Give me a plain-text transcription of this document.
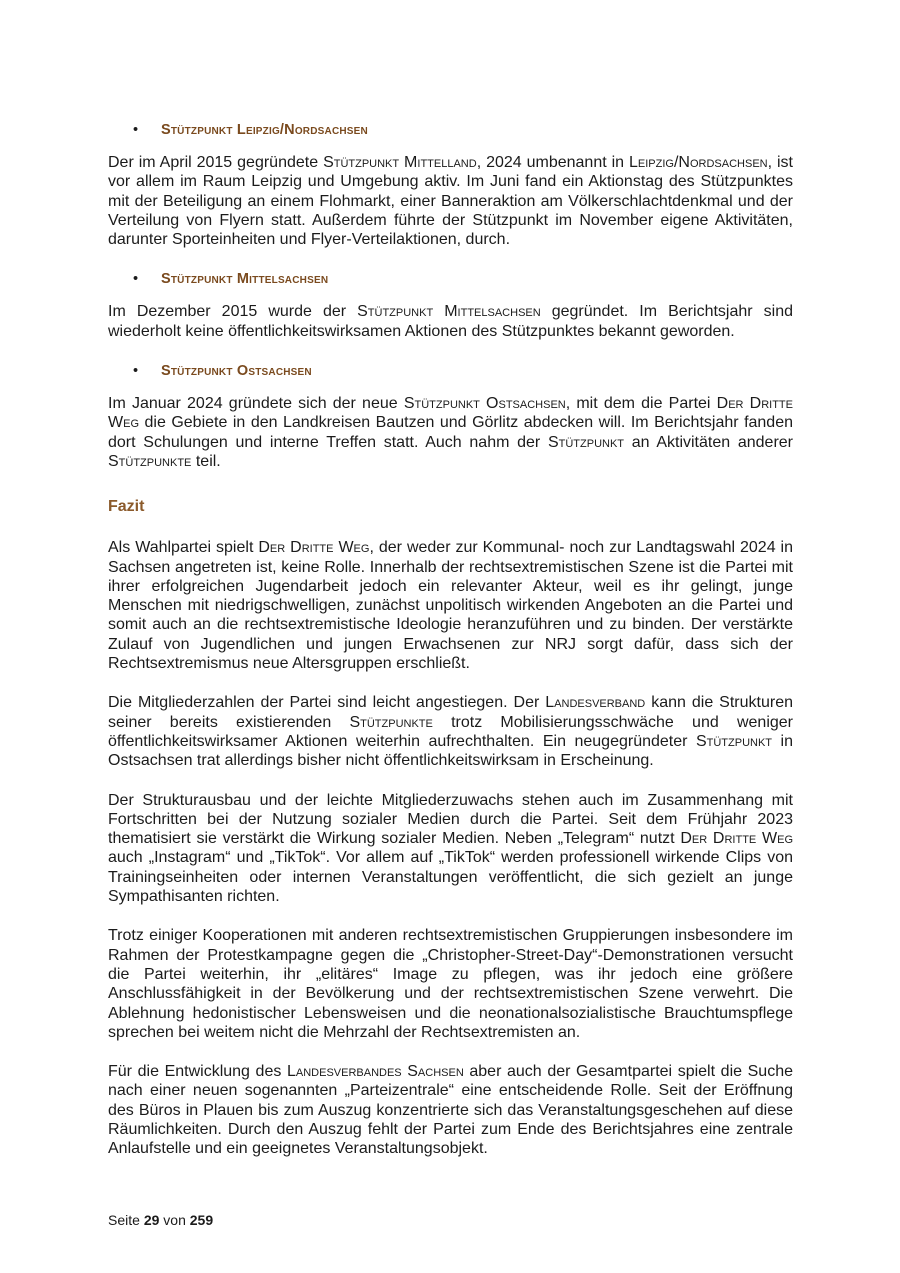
• Stützpunkt Leipzig/Nordsachsen

Der im April 2015 gegründete Stützpunkt Mittelland, 2024 umbenannt in Leipzig/Nordsachsen, ist vor allem im Raum Leipzig und Umgebung aktiv. Im Juni fand ein Aktionstag des Stützpunktes mit der Beteiligung an einem Flohmarkt, einer Banneraktion am Völkerschlachtdenkmal und der Verteilung von Flyern statt. Außerdem führte der Stützpunkt im November eigene Aktivitäten, darunter Sporteinheiten und Flyer-Verteilaktionen, durch.

• Stützpunkt Mittelsachsen

Im Dezember 2015 wurde der Stützpunkt Mittelsachsen gegründet. Im Berichtsjahr sind wiederholt keine öffentlichkeitswirksamen Aktionen des Stützpunktes bekannt geworden.

• Stützpunkt Ostsachsen

Im Januar 2024 gründete sich der neue Stützpunkt Ostsachsen, mit dem die Partei Der Dritte Weg die Gebiete in den Landkreisen Bautzen und Görlitz abdecken will. Im Berichtsjahr fanden dort Schulungen und interne Treffen statt. Auch nahm der Stützpunkt an Aktivitäten anderer Stützpunkte teil.

Fazit

Als Wahlpartei spielt Der Dritte Weg, der weder zur Kommunal- noch zur Landtagswahl 2024 in Sachsen angetreten ist, keine Rolle. Innerhalb der rechtsextremistischen Szene ist die Partei mit ihrer erfolgreichen Jugendarbeit jedoch ein relevanter Akteur, weil es ihr gelingt, junge Menschen mit niedrigschwelligen, zunächst unpolitisch wirkenden Angeboten an die Partei und somit auch an die rechtsextremistische Ideologie heranzuführen und zu binden. Der verstärkte Zulauf von Jugendlichen und jungen Erwachsenen zur NRJ sorgt dafür, dass sich der Rechtsextremismus neue Altersgruppen erschließt.

Die Mitgliederzahlen der Partei sind leicht angestiegen. Der Landesverband kann die Strukturen seiner bereits existierenden Stützpunkte trotz Mobilisierungsschwäche und weniger öffentlichkeitswirksamer Aktionen weiterhin aufrechthalten. Ein neugegründeter Stützpunkt in Ostsachsen trat allerdings bisher nicht öffentlichkeitswirksam in Erscheinung.

Der Strukturausbau und der leichte Mitgliederzuwachs stehen auch im Zusammenhang mit Fortschritten bei der Nutzung sozialer Medien durch die Partei. Seit dem Frühjahr 2023 thematisiert sie verstärkt die Wirkung sozialer Medien. Neben „Telegram“ nutzt Der Dritte Weg auch „Instagram“ und „TikTok“. Vor allem auf „TikTok“ werden professionell wirkende Clips von Trainingseinheiten oder internen Veranstaltungen veröffentlicht, die sich gezielt an junge Sympathisanten richten.

Trotz einiger Kooperationen mit anderen rechtsextremistischen Gruppierungen insbesondere im Rahmen der Protestkampagne gegen die „Christopher-Street-Day“-Demonstrationen versucht die Partei weiterhin, ihr „elitäres“ Image zu pflegen, was ihr jedoch eine größere Anschlussfähigkeit in der Bevölkerung und der rechtsextremistischen Szene verwehrt. Die Ablehnung hedonistischer Lebensweisen und die neonationalsozialistische Brauchtumspflege sprechen bei weitem nicht die Mehrzahl der Rechtsextremisten an.

Für die Entwicklung des Landesverbandes Sachsen aber auch der Gesamtpartei spielt die Suche nach einer neuen sogenannten „Parteizentrale“ eine entscheidende Rolle. Seit der Eröffnung des Büros in Plauen bis zum Auszug konzentrierte sich das Veranstaltungsgeschehen auf diese Räumlichkeiten. Durch den Auszug fehlt der Partei zum Ende des Berichtsjahres eine zentrale Anlaufstelle und ein geeignetes Veranstaltungsobjekt.

Seite 29 von 259
